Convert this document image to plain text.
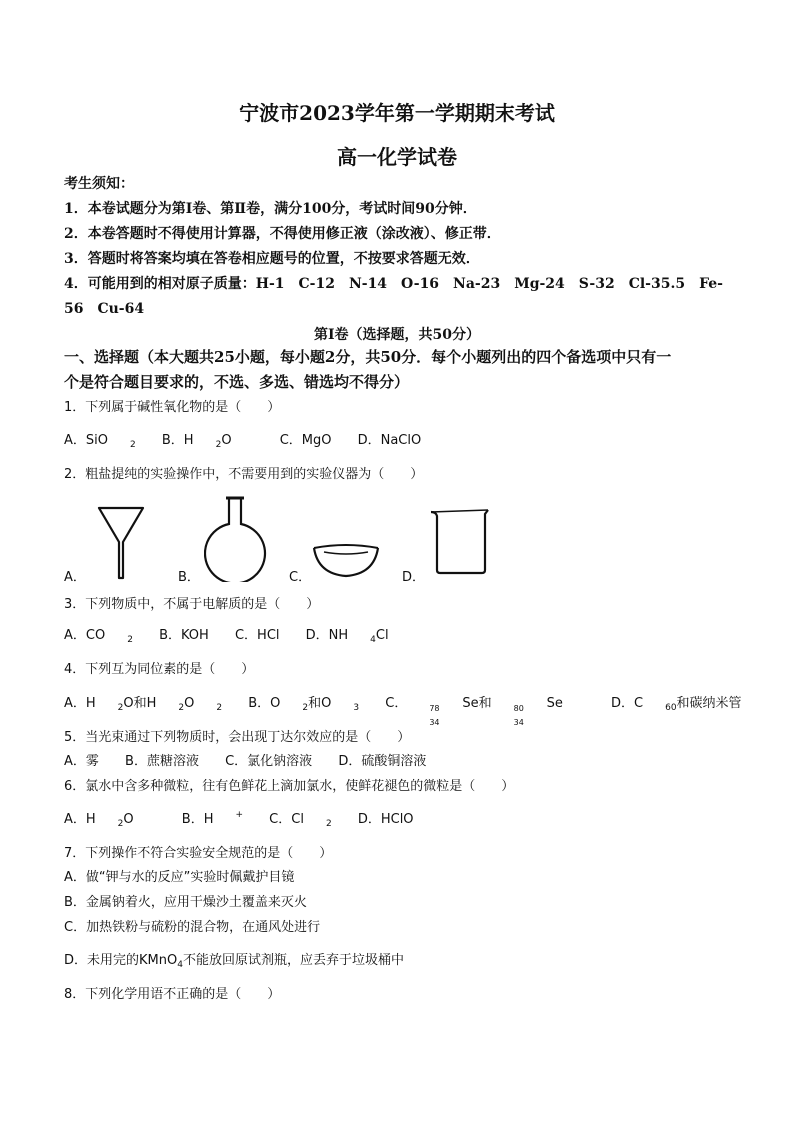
宁波市2023学年第一学期期末考试
高一化学试卷
考生须知：
1．本卷试题分为第Ⅰ卷、第Ⅱ卷，满分100分，考试时间90分钟．
2．本卷答题时不得使用计算器，不得使用修正液（涂改液）、修正带．
3．答题时将答案均填在答卷相应题号的位置，不按要求答题无效．
4．可能用到的相对原子质量：H-1　C-12　N-14　O-16　Na-23　Mg-24　S-32　Cl-35.5　Fe-
56　Cu-64
第Ⅰ卷（选择题，共50分）
一、选择题（本大题共25小题，每小题2分，共50分．每个小题列出的四个备选项中只有一
个是符合题目要求的，不选、多选、错选均不得分）
1．下列属于碱性氧化物的是（　　）
A．SiO $_2$ B．H $_2$O	C．MgO D．NaClO
2．粗盐提纯的实验操作中，不需要用到的实验仪器为（　　）
A．	B．	C．	D．
3．下列物质中，不属于电解质的是（　　）
A．CO $_2$ B．KOH C．HCl D．NH $_4$Cl
4．下列互为同位素的是（　　）
A．H $_2$O和H $_2$O $_2$ B．O $_2$和O $_3$ C．	78
34
Se和	80
34
Se	D．C $_{60}$和碳纳米管
5．当光束通过下列物质时，会出现丁达尔效应的是（　　）
A．雾 B．蔗糖溶液 C．氯化钠溶液 D．硫酸铜溶液
6．氯水中含多种微粒，往有色鲜花上滴加氯水，使鲜花褪色的微粒是（　　）
A．H $_2$O	B．H + C．Cl $_2$ D．HClO
7．下列操作不符合实验安全规范的是（　　）
A．做“钾与水的反应”实验时佩戴护目镜
B．金属钠着火，应用干燥沙土覆盖来灭火
C．加热铁粉与硫粉的混合物，在通风处进行
D．未用完的KMnO$_4$不能放回原试剂瓶，应丢弃于垃圾桶中
8．下列化学用语不正确的是（　　）
